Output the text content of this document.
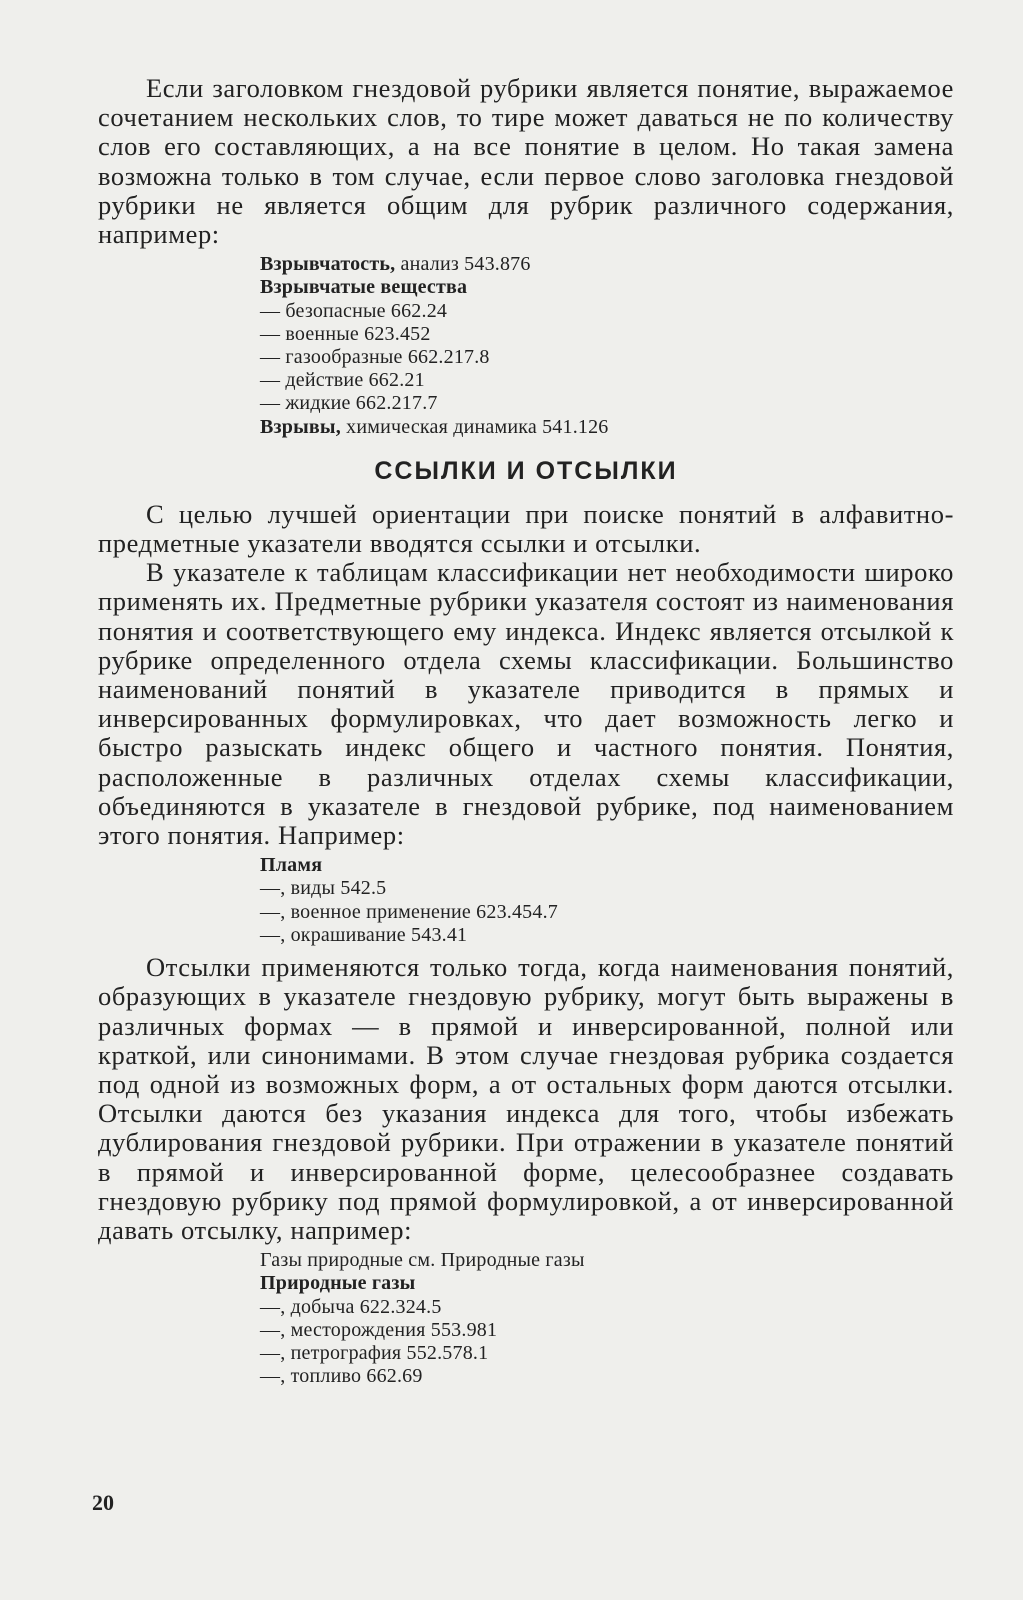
Если заголовком гнездовой рубрики является понятие, выражаемое сочетанием нескольких слов, то тире может даваться не по количеству слов его составляющих, а на все понятие в целом. Но такая замена возможна только в том случае, если первое слово заголовка гнездовой рубрики не является общим для рубрик различного содержания, например:

Взрывчатость, анализ 543.876
Взрывчатые вещества
— безопасные 662.24
— военные 623.452
— газообразные 662.217.8
— действие 662.21
— жидкие 662.217.7
Взрывы, химическая динамика 541.126
ССЫЛКИ И ОТСЫЛКИ

С целью лучшей ориентации при поиске понятий в алфавитно-предметные указатели вводятся ссылки и отсылки.

В указателе к таблицам классификации нет необходимости широко применять их. Предметные рубрики указателя состоят из наименования понятия и соответствующего ему индекса. Индекс является отсылкой к рубрике определенного отдела схемы классификации. Большинство наименований понятий в указателе приводится в прямых и инверсированных формулировках, что дает возможность легко и быстро разыскать индекс общего и частного понятия. Понятия, расположенные в различных отделах схемы классификации, объединяются в указателе в гнездовой рубрике, под наименованием этого понятия. Например:

Пламя
—, виды 542.5
—, военное применение 623.454.7
—, окрашивание 543.41

Отсылки применяются только тогда, когда наименования понятий, образующих в указателе гнездовую рубрику, могут быть выражены в различных формах — в прямой и инверсированной, полной или краткой, или синонимами. В этом случае гнездовая рубрика создается под одной из возможных форм, а от остальных форм даются отсылки. Отсылки даются без указания индекса для того, чтобы избежать дублирования гнездовой рубрики. При отражении в указателе понятий в прямой и инверсированной форме, целесообразнее создавать гнездовую рубрику под прямой формулировкой, а от инверсированной давать отсылку, например:

Газы природные см. Природные газы
Природные газы
—, добыча 622.324.5
—, месторождения 553.981
—, петрография 552.578.1
—, топливо 662.69
20
